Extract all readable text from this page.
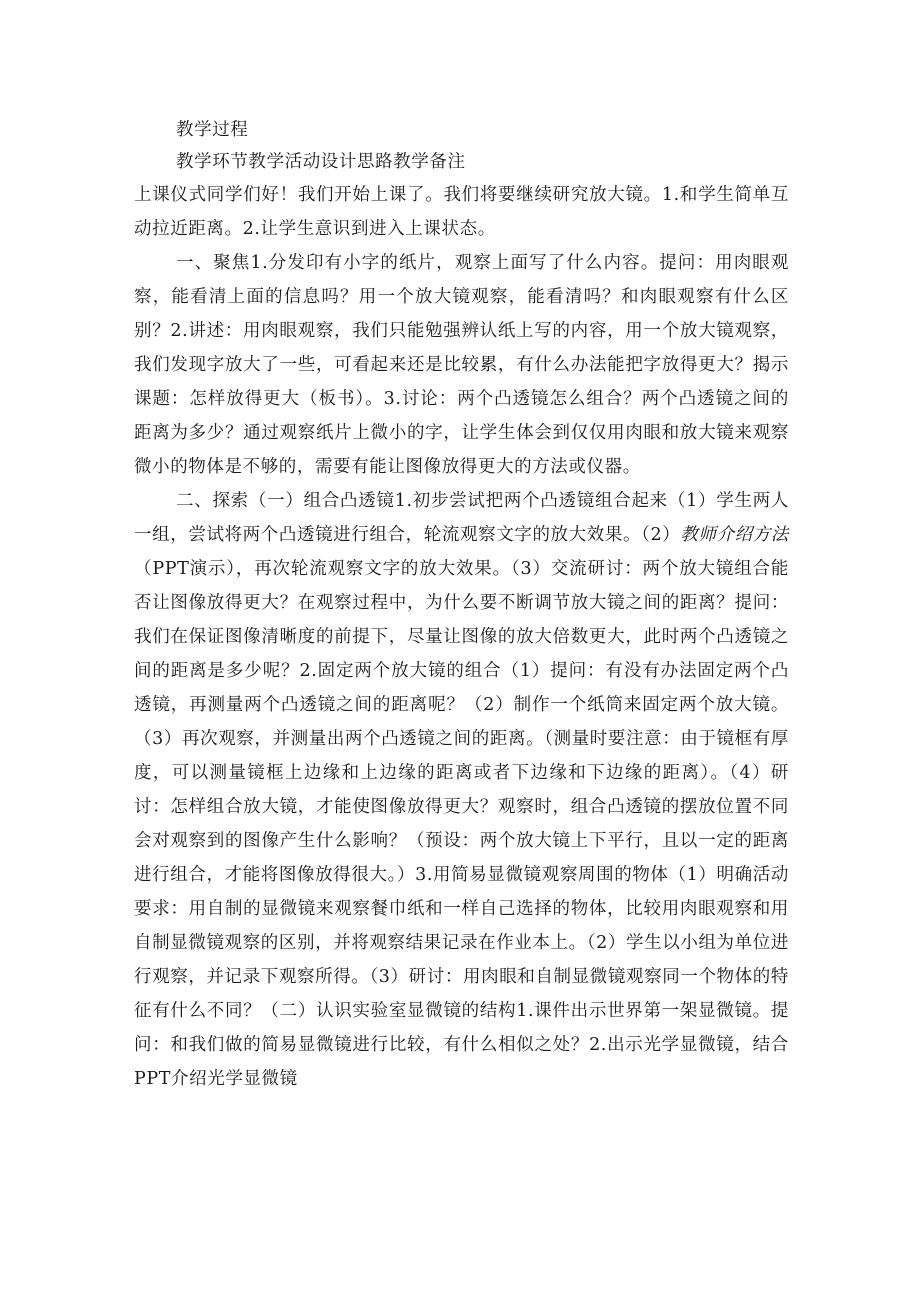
教学过程

教学环节教学活动设计思路教学备注

上课仪式同学们好！我们开始上课了。我们将要继续研究放大镜。1.和学生简单互动拉近距离。2.让学生意识到进入上课状态。

一、聚焦1.分发印有小字的纸片，观察上面写了什么内容。提问：用肉眼观察，能看清上面的信息吗？用一个放大镜观察，能看清吗？和肉眼观察有什么区别？2.讲述：用肉眼观察，我们只能勉强辨认纸上写的内容，用一个放大镜观察，我们发现字放大了一些，可看起来还是比较累，有什么办法能把字放得更大？揭示课题：怎样放得更大（板书）。3.讨论：两个凸透镜怎么组合？两个凸透镜之间的距离为多少？通过观察纸片上微小的字，让学生体会到仅仅用肉眼和放大镜来观察微小的物体是不够的，需要有能让图像放得更大的方法或仪器。

二、探索（一）组合凸透镜1.初步尝试把两个凸透镜组合起来（1）学生两人一组，尝试将两个凸透镜进行组合，轮流观察文字的放大效果。（2）教师介绍方法（PPT演示），再次轮流观察文字的放大效果。（3）交流研讨：两个放大镜组合能否让图像放得更大？在观察过程中，为什么要不断调节放大镜之间的距离？提问：我们在保证图像清晰度的前提下，尽量让图像的放大倍数更大，此时两个凸透镜之间的距离是多少呢？2.固定两个放大镜的组合（1）提问：有没有办法固定两个凸透镜，再测量两个凸透镜之间的距离呢？（2）制作一个纸筒来固定两个放大镜。（3）再次观察，并测量出两个凸透镜之间的距离。（测量时要注意：由于镜框有厚度，可以测量镜框上边缘和上边缘的距离或者下边缘和下边缘的距离）。（4）研讨：怎样组合放大镜，才能使图像放得更大？观察时，组合凸透镜的摆放位置不同会对观察到的图像产生什么影响？（预设：两个放大镜上下平行，且以一定的距离进行组合，才能将图像放得很大。）3.用简易显微镜观察周围的物体（1）明确活动要求：用自制的显微镜来观察餐巾纸和一样自己选择的物体，比较用肉眼观察和用自制显微镜观察的区别，并将观察结果记录在作业本上。（2）学生以小组为单位进行观察，并记录下观察所得。（3）研讨：用肉眼和自制显微镜观察同一个物体的特征有什么不同？（二）认识实验室显微镜的结构1.课件出示世界第一架显微镜。提问：和我们做的简易显微镜进行比较，有什么相似之处？2.出示光学显微镜，结合PPT介绍光学显微镜
